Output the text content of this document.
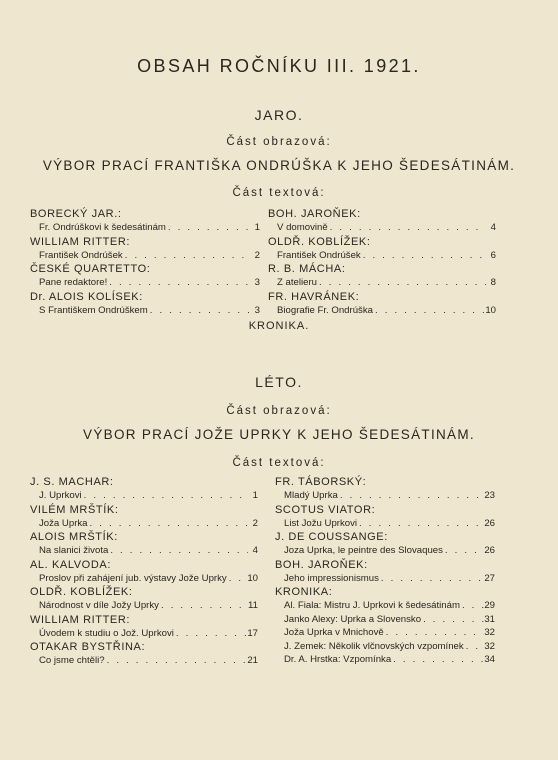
OBSAH ROČNÍKU III. 1921.
JARO.
Část obrazová:
VÝBOR PRACÍ FRANTIŠKA ONDRÚŠKA K JEHO ŠEDESÁTINÁM.
Část textová:
BORECKÝ JAR.:
Fr. Ondrúškovi k šedesátinám . . .	1
WILLIAM RITTER:
František Ondrúšek . . .	2
ČESKÉ QUARTETTO:
Pane redaktore! . . .	3
Dr. ALOIS KOLÍSEK:
S Františkem Ondrúškem . . .	3
BOH. JAROŇEK:
V domovině . . .	4
OLDŘ. KOBLÍŽEK:
František Ondrúšek . . .	6
R. B. MÁCHA:
Z atelieru . . .	8
FR. HAVRÁNEK:
Biografie Fr. Ondrúška . . .	10
KRONIKA.
LÉTO.
Část obrazová:
VÝBOR PRACÍ JOŽE UPRKY K JEHO ŠEDESÁTINÁM.
Část textová:
J. S. MACHAR:
J. Uprkovi . . .	1
VILÉM MRŠTÍK:
Joža Uprka . . .	2
ALOIS MRŠTÍK:
Na slanici života . . .	4
AL. KALVODA:
Proslov při zahájení jub. výstavy Jože Uprky . . . 10
OLDŘ. KOBLÍŽEK:
Národnost v díle Jožy Uprky . . .	11
WILLIAM RITTER:
Úvodem k studiu o Jož. Uprkovi . . .	17
OTAKAR BYSTŘINA:
Co jsme chtěli? . . .	21
FR. TÁBORSKÝ:
Mladý Uprka . . .	23
SCOTUS VIATOR:
List Jožu Uprkovi . . .	26
J. DE COUSSANGE:
Joza Uprka, le peintre des Slovaques . . .	26
BOH. JAROŇEK:
Jeho impressionismus . . .	27
KRONIKA:
Al. Fiala: Mistru J. Uprkovi k šedesátinám . . .	29
Janko Alexy: Uprka a Slovensko . . .	31
Joža Uprka v Mnichově . . .	32
J. Zemek: Několik vlčnovských vzpomínek . . . 32
Dr. A. Hrstka: Vzpomínka . . .	34
